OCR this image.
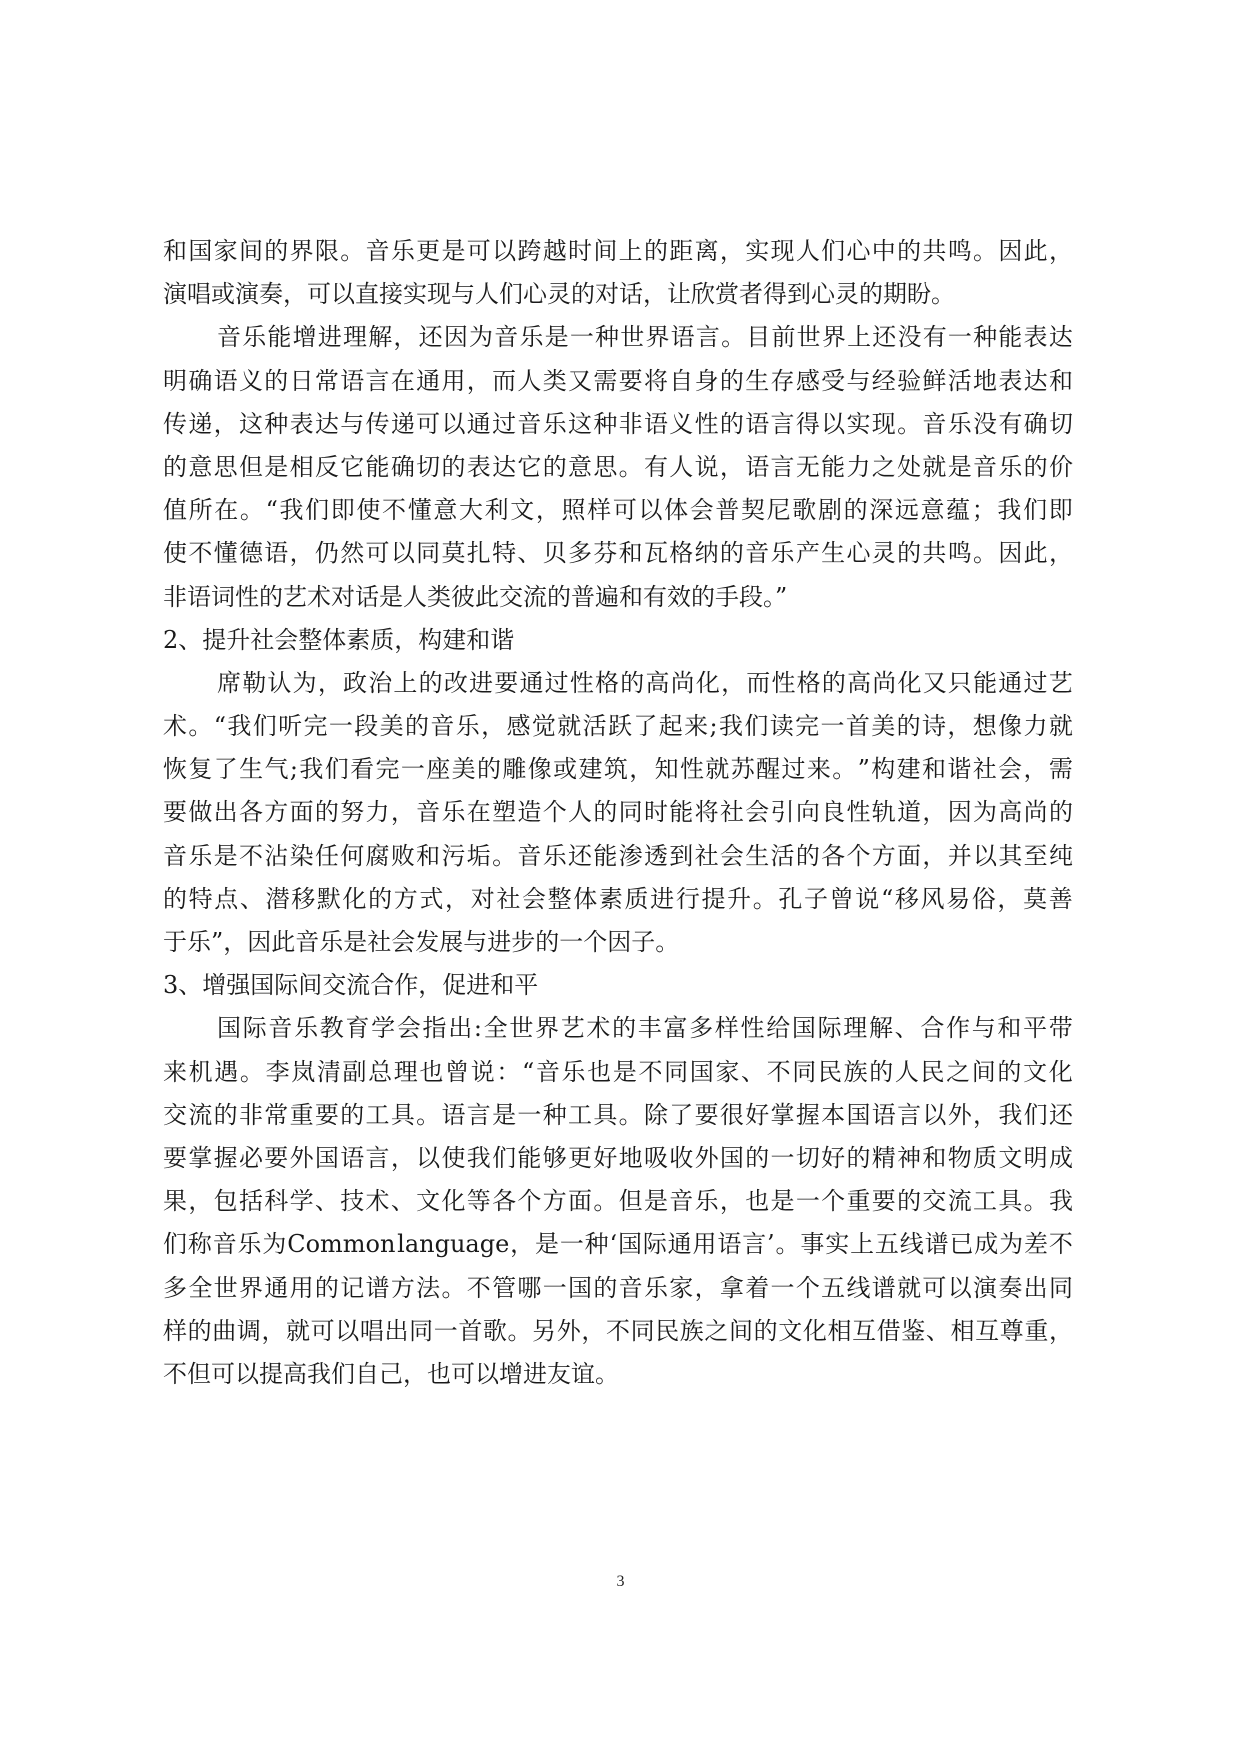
和 国 家 间 的 界 限 。 音 乐 更 是 可 以 跨 越 时 间 上 的 距 离 ， 实 现 人 们 心 中 的 共 鸣 。 因 此 ，
演唱或演奏，可以直接实现与人们心灵的对话，让欣赏者得到心灵的期盼。
音 乐 能 增 进 理 解 ， 还 因 为 音 乐 是 一 种 世 界 语 言 。 目 前 世 界 上 还 没 有 一 种 能 表 达
明 确 语 义 的 日 常 语 言 在 通 用 ， 而 人 类 又 需 要 将 自 身 的 生 存 感 受 与 经 验 鲜 活 地 表 达 和
传 递 ， 这 种 表 达 与 传 递 可 以 通 过 音 乐 这 种 非 语 义 性 的 语 言 得 以 实 现 。 音 乐 没 有 确 切
的 意 思 但 是 相 反 它 能 确 切 的 表 达 它 的 意 思 。 有 人 说 ， 语 言 无 能 力 之 处 就 是 音 乐 的 价
值 所 在 。 “ 我 们 即 使 不 懂 意 大 利 文 ， 照 样 可 以 体 会 普 契 尼 歌 剧 的 深 远 意 蕴 ； 我 们 即
使 不 懂 德 语 ， 仍 然 可 以 同 莫 扎 特 、 贝 多 芬 和 瓦 格 纳 的 音 乐 产 生 心 灵 的 共 鸣 。 因 此 ，
非语词性的艺术对话是人类彼此交流的普遍和有效的手段。”
2、提升社会整体素质，构建和谐
席 勒 认 为 ， 政 治 上 的 改 进 要 通 过 性 格 的 高 尚 化 ， 而 性 格 的 高 尚 化 又 只 能 通 过 艺
术 。 “ 我 们 听 完 一 段 美 的 音 乐 ， 感 觉 就 活 跃 了 起 来 ; 我 们 读 完 一 首 美 的 诗 ， 想 像 力 就
恢 复 了 生 气 ; 我 们 看 完 一 座 美 的 雕 像 或 建 筑 ， 知 性 就 苏 醒 过 来 。 ” 构 建 和 谐 社 会 ， 需
要 做 出 各 方 面 的 努 力 ， 音 乐 在 塑 造 个 人 的 同 时 能 将 社 会 引 向 良 性 轨 道 ， 因 为 高 尚 的
音 乐 是 不 沾 染 任 何 腐 败 和 污 垢 。 音 乐 还 能 渗 透 到 社 会 生 活 的 各 个 方 面 ， 并 以 其 至 纯
的 特 点 、 潜 移 默 化 的 方 式 ， 对 社 会 整 体 素 质 进 行 提 升 。 孔 子 曾 说 “ 移 风 易 俗 ， 莫 善
于乐”，因此音乐是社会发展与进步的一个因子。
3、增强国际间交流合作，促进和平
国 际 音 乐 教 育 学 会 指 出 : 全 世 界 艺 术 的 丰 富 多 样 性 给 国 际 理 解 、 合 作 与 和 平 带
来 机 遇 。 李 岚 清 副 总 理 也 曾 说 ： “ 音 乐 也 是 不 同 国 家 、 不 同 民 族 的 人 民 之 间 的 文 化
交 流 的 非 常 重 要 的 工 具 。 语 言 是 一 种 工 具 。 除 了 要 很 好 掌 握 本 国 语 言 以 外 ， 我 们 还
要 掌 握 必 要 外 国 语 言 ， 以 使 我 们 能 够 更 好 地 吸 收 外 国 的 一 切 好 的 精 神 和 物 质 文 明 成
果 ， 包 括 科 学 、 技 术 、 文 化 等 各 个 方 面 。 但 是 音 乐 ， 也 是 一 个 重 要 的 交 流 工 具 。 我
们 称 音 乐 为 Common language ， 是 一 种 ‘ 国 际 通 用 语 言 ’ 。 事 实 上 五 线 谱 已 成 为 差 不
多 全 世 界 通 用 的 记 谱 方 法 。 不 管 哪 一 国 的 音 乐 家 ， 拿 着 一 个 五 线 谱 就 可 以 演 奏 出 同
样 的 曲 调 ， 就 可 以 唱 出 同 一 首 歌 。 另 外 ， 不 同 民 族 之 间 的 文 化 相 互 借 鉴 、 相 互 尊 重 ，
不但可以提高我们自己，也可以增进友谊。
3
